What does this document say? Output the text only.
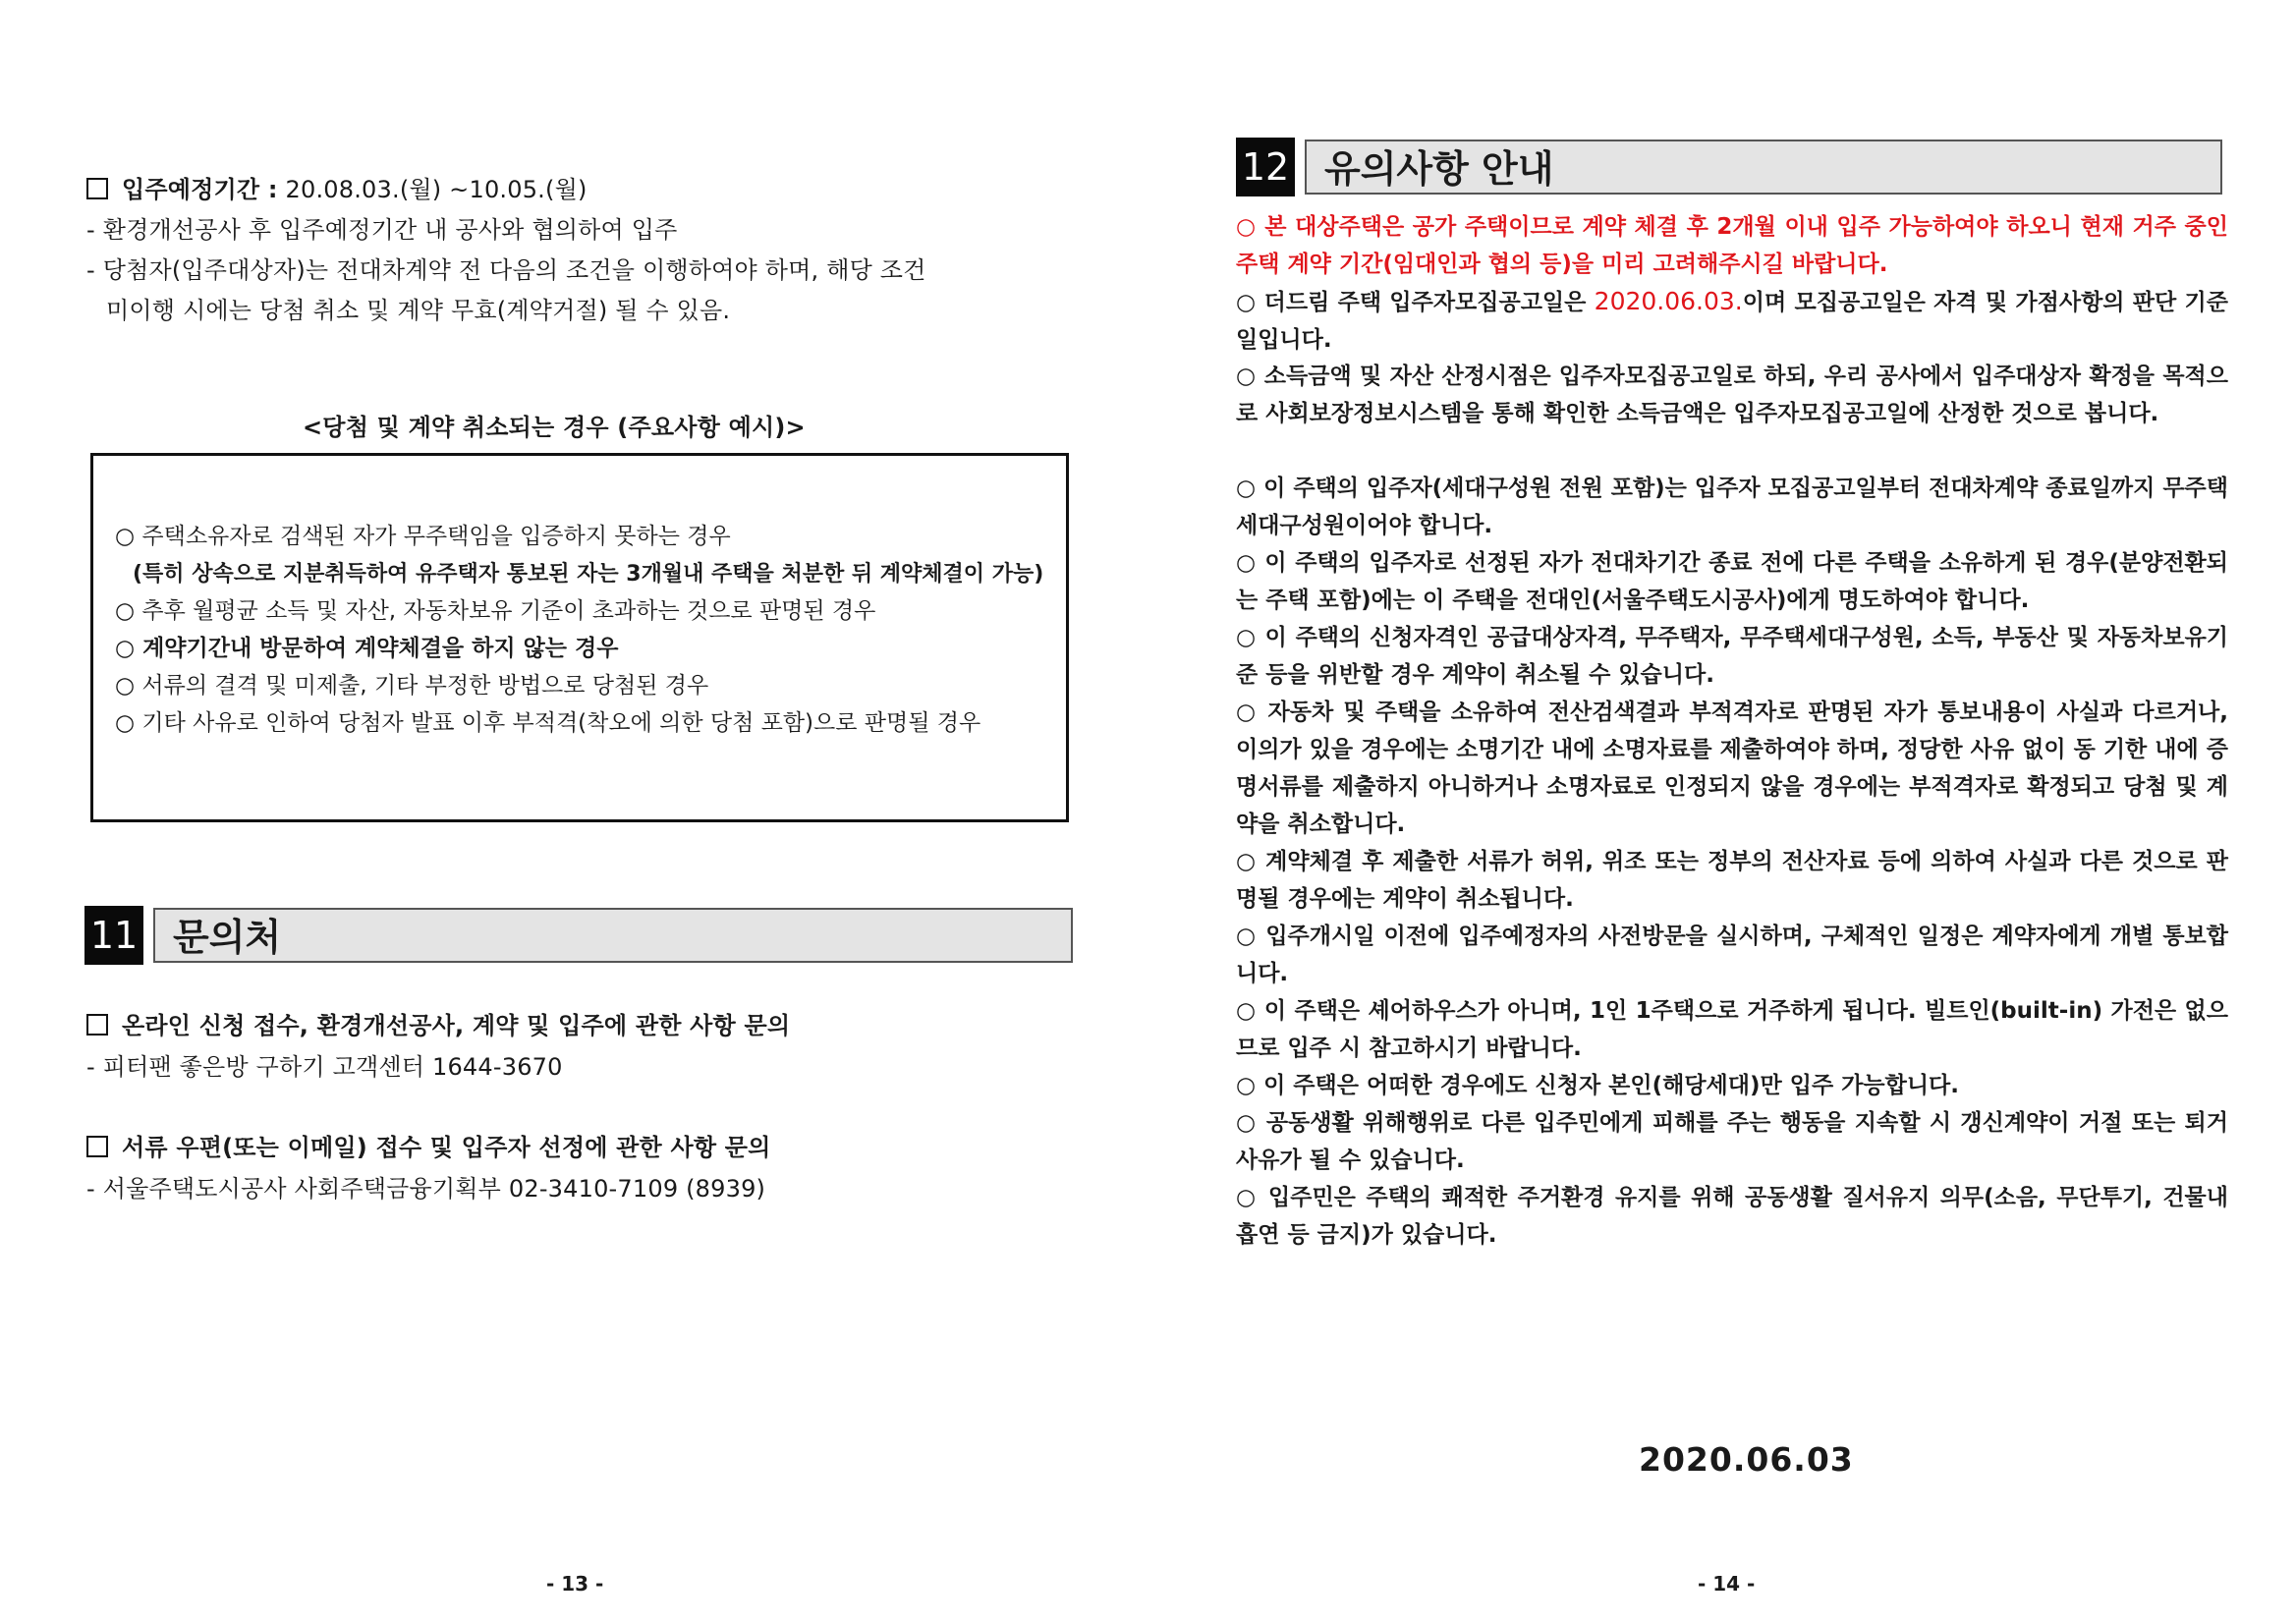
입주예정기간 : 20.08.03.(월) ~10.05.(월)
- 환경개선공사 후 입주예정기간 내 공사와 협의하여 입주
- 당첨자(입주대상자)는 전대차계약 전 다음의 조건을 이행하여야 하며, 해당 조건
미이행 시에는 당첨 취소 및 계약 무효(계약거절) 될 수 있음.
<당첨 및 계약 취소되는 경우 (주요사항 예시)>
○ 주택소유자로 검색된 자가 무주택임을 입증하지 못하는 경우
(특히 상속으로 지분취득하여 유주택자 통보된 자는 3개월내 주택을 처분한 뒤 계약체결이 가능)
○ 추후 월평균 소득 및 자산, 자동차보유 기준이 초과하는 것으로 판명된 경우
○ 계약기간내 방문하여 계약체결을 하지 않는 경우
○ 서류의 결격 및 미제출, 기타 부정한 방법으로 당첨된 경우
○ 기타 사유로 인하여 당첨자 발표 이후 부적격(착오에 의한 당첨 포함)으로 판명될 경우
11 문의처
온라인 신청 접수, 환경개선공사, 계약 및 입주에 관한 사항 문의
- 피터팬 좋은방 구하기 고객센터 1644-3670
서류 우편(또는 이메일) 접수 및 입주자 선정에 관한 사항 문의
- 서울주택도시공사 사회주택금융기획부 02-3410-7109 (8939)
- 13 -
12 유의사항 안내
○ 본 대상주택은 공가 주택이므로 계약 체결 후 2개월 이내 입주 가능하여야 하오니 현재 거주 중인 주택 계약 기간(임대인과 협의 등)을 미리 고려해주시길 바랍니다.
○ 더드림 주택 입주자모집공고일은 2020.06.03.이며 모집공고일은 자격 및 가점사항의 판단 기준일입니다.
○ 소득금액 및 자산 산정시점은 입주자모집공고일로 하되, 우리 공사에서 입주대상자 확정을 목적으로 사회보장정보시스템을 통해 확인한 소득금액은 입주자모집공고일에 산정한 것으로 봅니다.
○ 이 주택의 입주자(세대구성원 전원 포함)는 입주자 모집공고일부터 전대차계약 종료일까지 무주택세대구성원이어야 합니다.
○ 이 주택의 입주자로 선정된 자가 전대차기간 종료 전에 다른 주택을 소유하게 된 경우(분양전환되는 주택 포함)에는 이 주택을 전대인(서울주택도시공사)에게 명도하여야 합니다.
○ 이 주택의 신청자격인 공급대상자격, 무주택자, 무주택세대구성원, 소득, 부동산 및 자동차보유기준 등을 위반할 경우 계약이 취소될 수 있습니다.
○ 자동차 및 주택을 소유하여 전산검색결과 부적격자로 판명된 자가 통보내용이 사실과 다르거나, 이의가 있을 경우에는 소명기간 내에 소명자료를 제출하여야 하며, 정당한 사유 없이 동 기한 내에 증명서류를 제출하지 아니하거나 소명자료로 인정되지 않을 경우에는 부적격자로 확정되고 당첨 및 계약을 취소합니다.
○ 계약체결 후 제출한 서류가 허위, 위조 또는 정부의 전산자료 등에 의하여 사실과 다른 것으로 판명될 경우에는 계약이 취소됩니다.
○ 입주개시일 이전에 입주예정자의 사전방문을 실시하며, 구체적인 일정은 계약자에게 개별 통보합니다.
○ 이 주택은 셰어하우스가 아니며, 1인 1주택으로 거주하게 됩니다. 빌트인(built-in) 가전은 없으므로 입주 시 참고하시기 바랍니다.
○ 이 주택은 어떠한 경우에도 신청자 본인(해당세대)만 입주 가능합니다.
○ 공동생활 위해행위로 다른 입주민에게 피해를 주는 행동을 지속할 시 갱신계약이 거절 또는 퇴거 사유가 될 수 있습니다.
○ 입주민은 주택의 쾌적한 주거환경 유지를 위해 공동생활 질서유지 의무(소음, 무단투기, 건물내 흡연 등 금지)가 있습니다.
2020.06.03
- 14 -
